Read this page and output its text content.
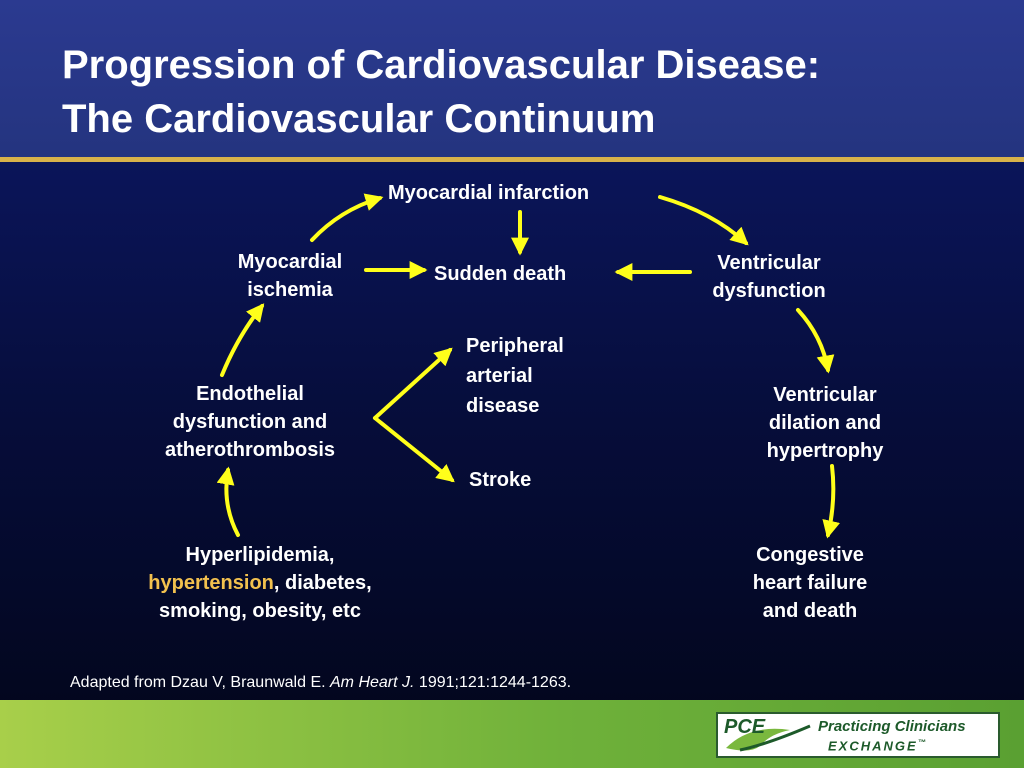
Progression of Cardiovascular Disease:
The Cardiovascular Continuum
Myocardial infarction
Myocardial
ischemia
Sudden death	Ventricular
dysfunction
Peripheral
arterial
disease
Endothelial
dysfunction and
atherothrombosis
Ventricular
dilation and
hypertrophy
Stroke
Hyperlipidemia,
hypertension, diabetes,
smoking, obesity, etc
Congestive
heart failure
and death
Adapted from Dzau V, Braunwald E. Am Heart J. 1991;121:1244-1263.
PCE	Practicing Clinicians
EXCHANGE™
